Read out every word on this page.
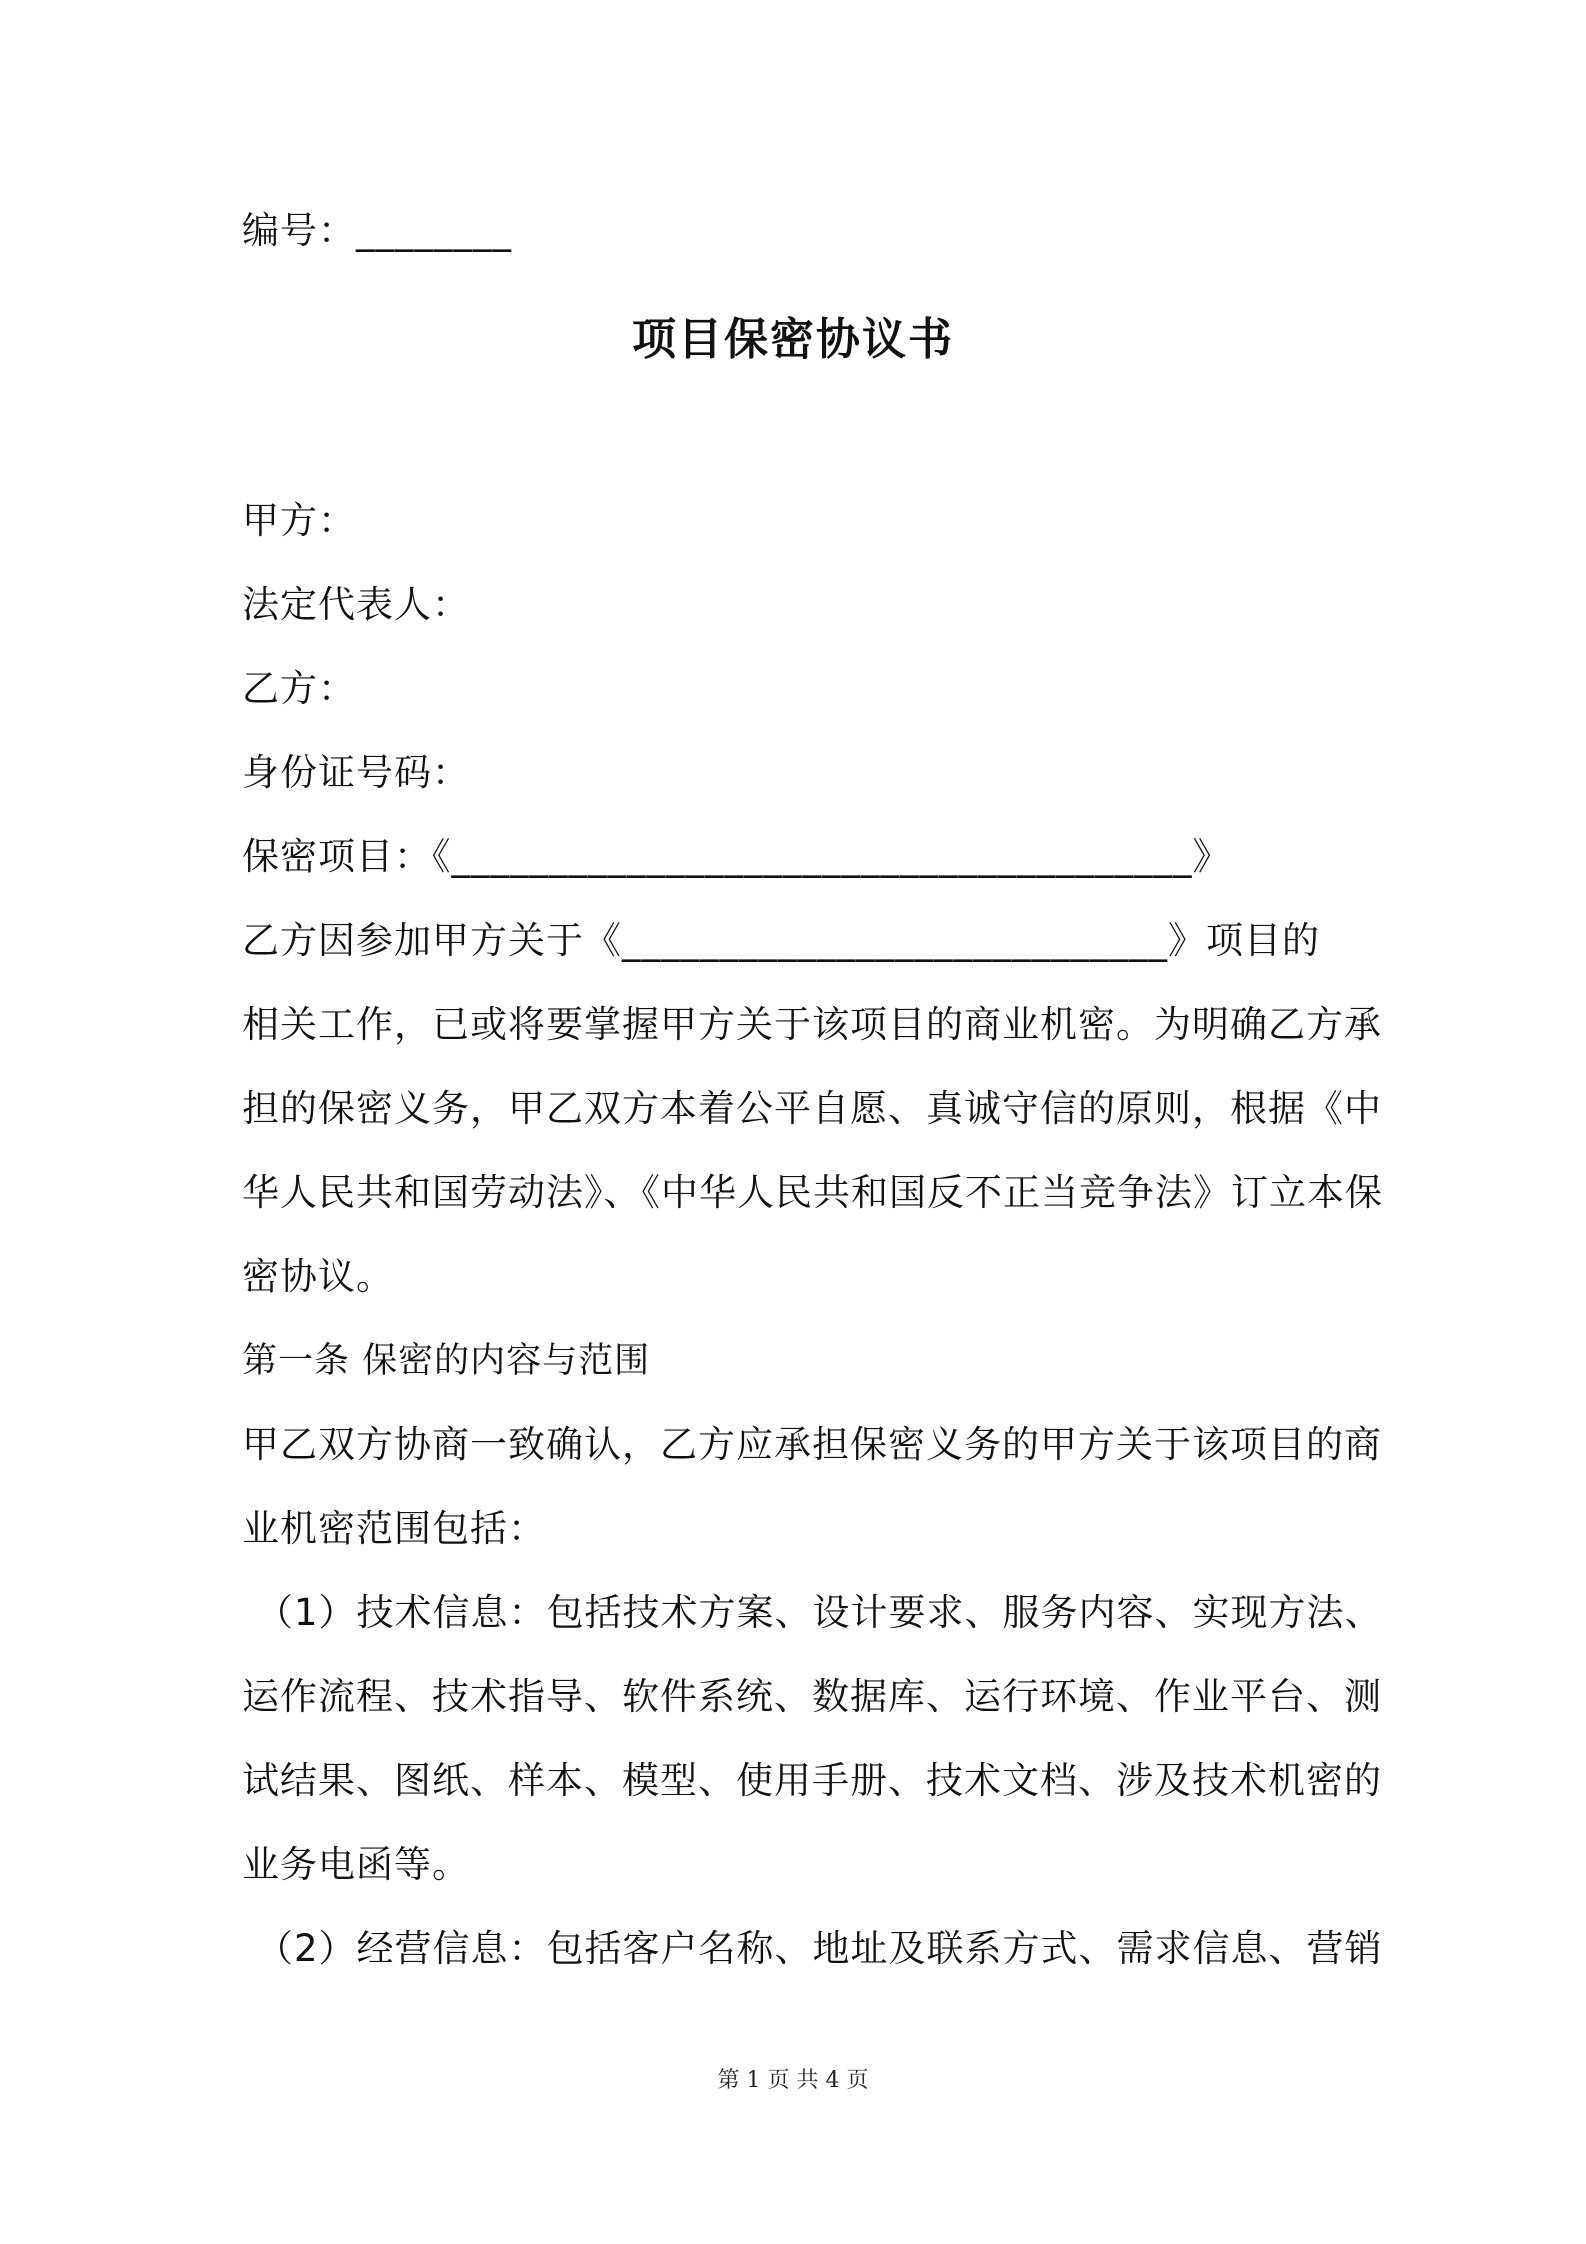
编号：________
项目保密协议书
甲方：
法定代表人：
乙方：
身份证号码：
保密项目：《______________________________________》
乙方因参加甲方关于《____________________________》项目的
相关工作，已或将要掌握甲方关于该项目的商业机密。为明确乙方承
担的保密义务，甲乙双方本着公平自愿、真诚守信的原则，根据《中
华人民共和国劳动法》、《中华人民共和国反不正当竞争法》订立本保
密协议。
第一条 保密的内容与范围
甲乙双方协商一致确认，乙方应承担保密义务的甲方关于该项目的商
业机密范围包括：
（1）技术信息：包括技术方案、设计要求、服务内容、实现方法、
运作流程、技术指导、软件系统、数据库、运行环境、作业平台、测
试结果、图纸、样本、模型、使用手册、技术文档、涉及技术机密的
业务电函等。
（2）经营信息：包括客户名称、地址及联系方式、需求信息、营销
第 1 页 共 4 页
